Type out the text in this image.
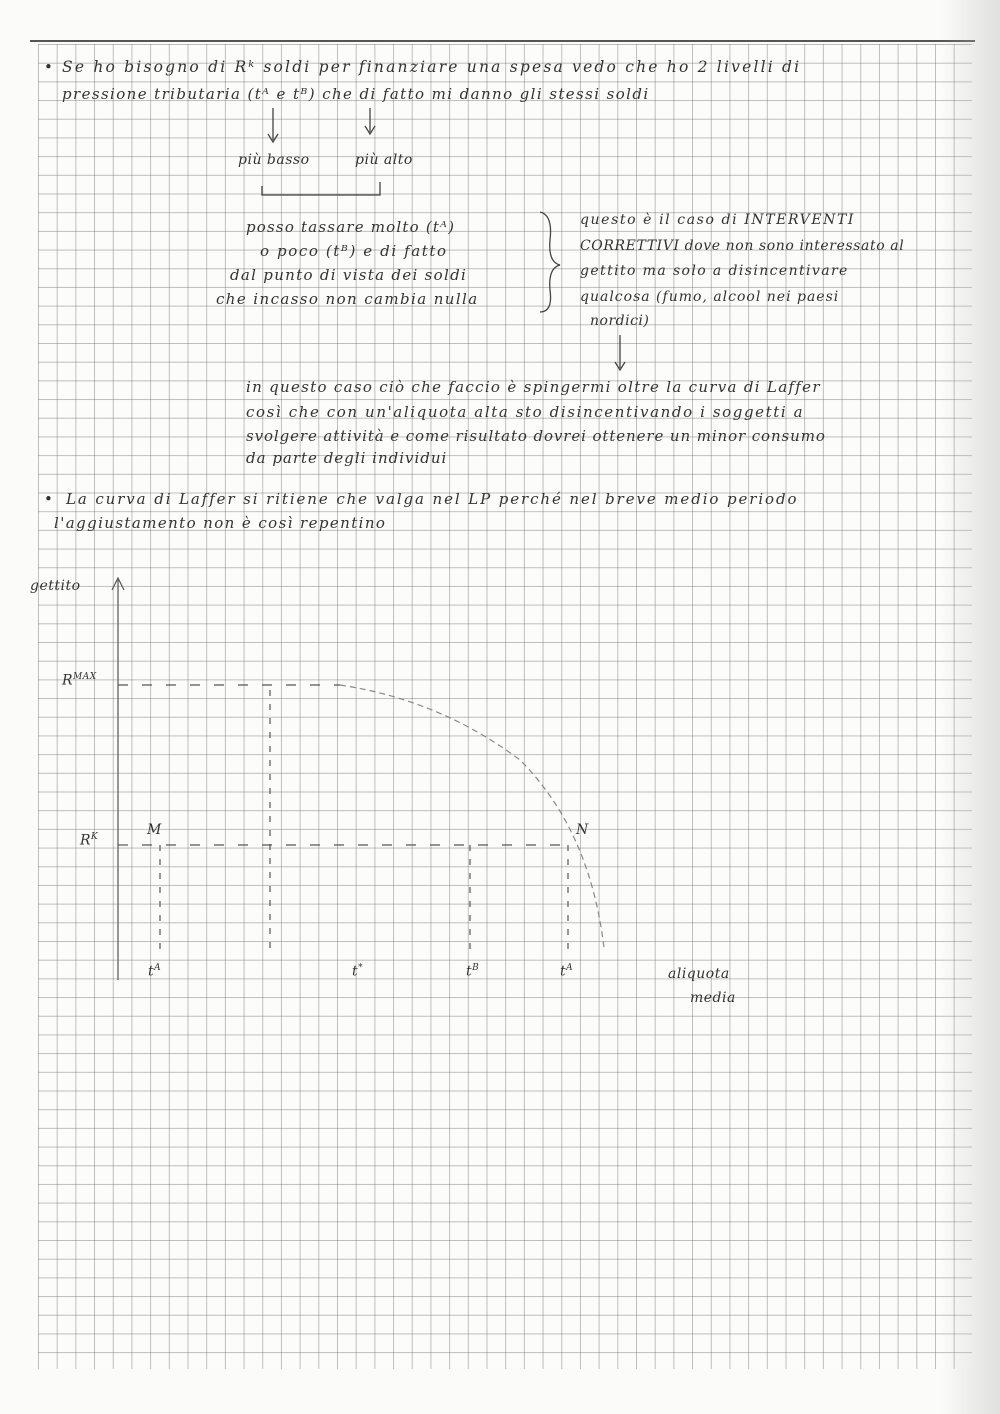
• Se ho bisogno di Rᵏ soldi per finanziare una spesa vedo che ho 2 livelli di
pressione tributaria (tᴬ e tᴮ) che di fatto mi danno gli stessi soldi
più basso	più alto
posso tassare molto (tᴬ)
o poco (tᴮ) e di fatto
dal punto di vista dei soldi
che incasso non cambia nulla
questo è il caso di INTERVENTI
CORRETTIVI dove non sono interessato al
gettito ma solo a disincentivare
qualcosa (fumo, alcool nei paesi
nordici)
in questo caso ciò che faccio è spingermi oltre la curva di Laffer
così che con un'aliquota alta sto disincentivando i soggetti a
svolgere attività e come risultato dovrei ottenere un minor consumo
da parte degli individui
• La curva di Laffer si ritiene che valga nel LP perché nel breve medio periodo
l'aggiustamento non è così repentino
gettito
$R^{MAX}$
$R^K$	M	N
$t^A$	t*	$t^B$	$t^A$	aliquota
media
